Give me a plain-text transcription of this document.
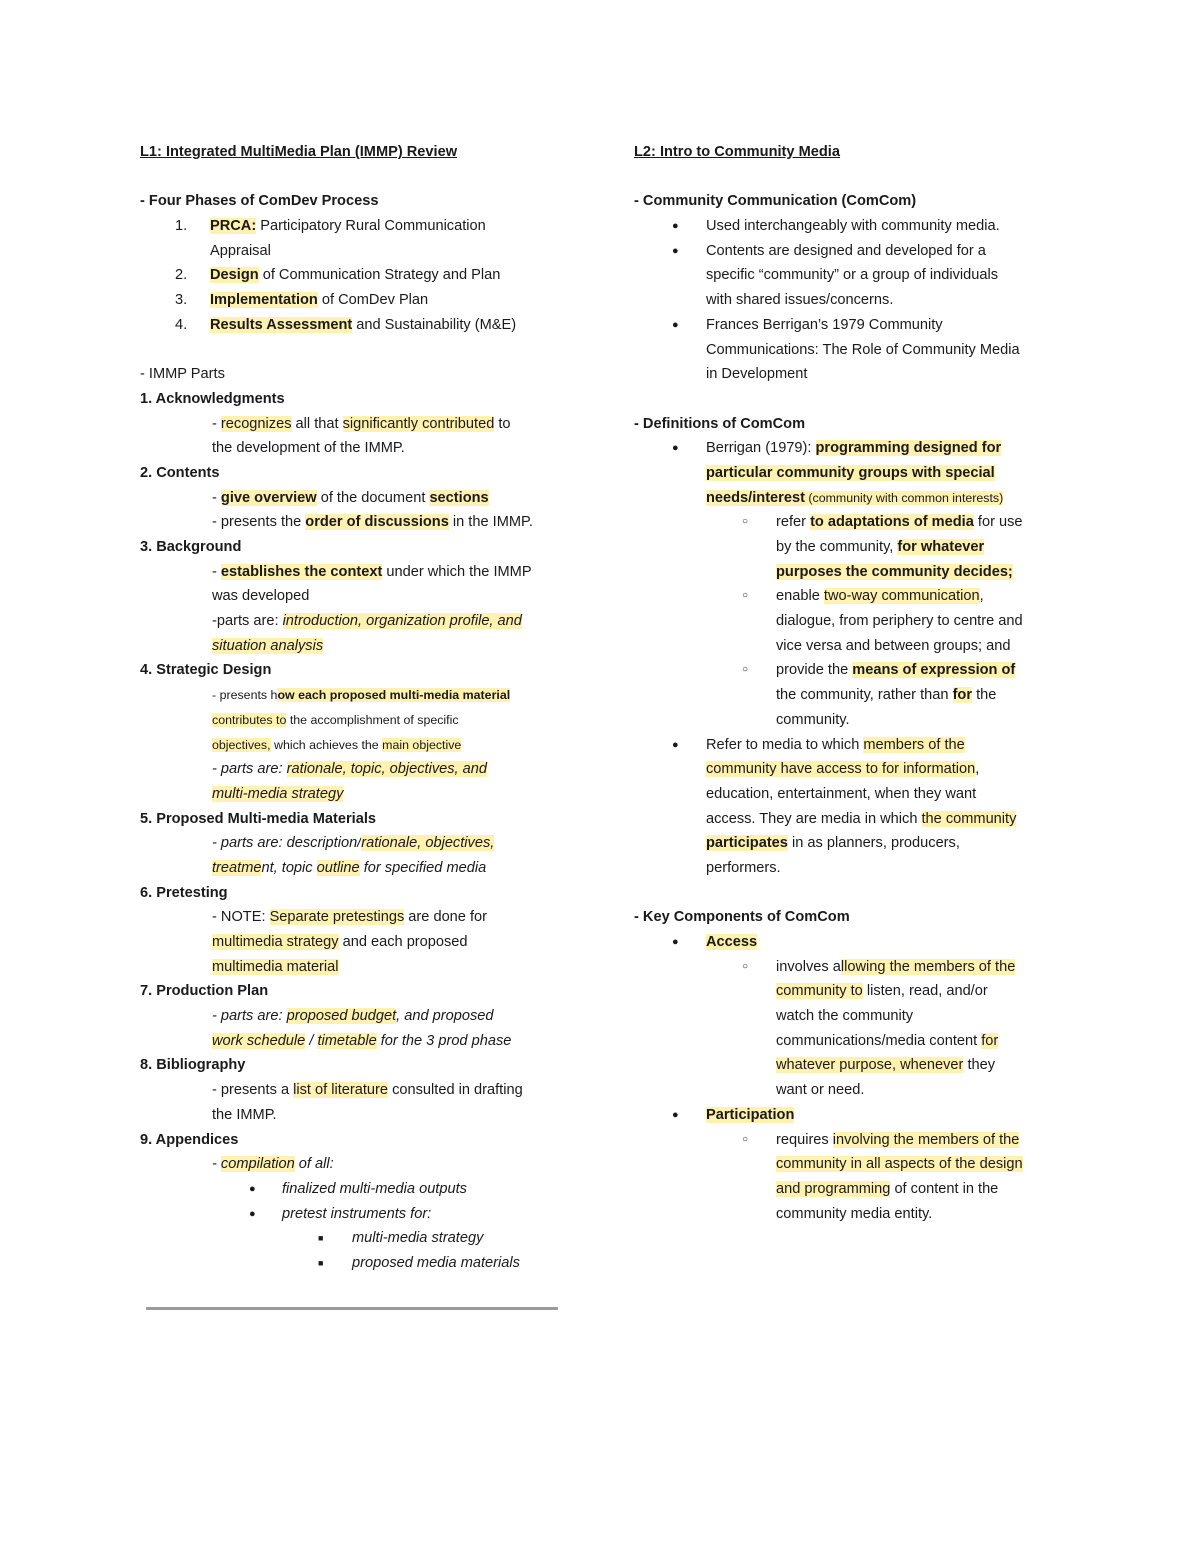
L1: Integrated MultiMedia Plan (IMMP) Review
- Four Phases of ComDev Process
1. PRCA: Participatory Rural Communication
Appraisal
2. Design of Communication Strategy and Plan
3. Implementation of ComDev Plan
4. Results Assessment and Sustainability (M&E)
- IMMP Parts
1. Acknowledgments
- recognizes all that significantly contributed to
the development of the IMMP.
2. Contents
- give overview of the document sections
- presents the order of discussions in the IMMP.
3. Background
- establishes the context under which the IMMP
was developed
-parts are: introduction, organization profile, and
situation analysis
4. Strategic Design
- presents how each proposed multi-media material
contributes to the accomplishment of specific
objectives, which achieves the main objective
- parts are: rationale, topic, objectives, and
multi-media strategy
5. Proposed Multi-media Materials
- parts are: description/rationale, objectives,
treatment, topic outline for specified media
6. Pretesting
- NOTE: Separate pretestings are done for
multimedia strategy and each proposed
multimedia material
7. Production Plan
- parts are: proposed budget, and proposed
work schedule / timetable for the 3 prod phase
8. Bibliography
- presents a list of literature consulted in drafting
the IMMP.
9. Appendices
- compilation of all:
● finalized multi-media outputs
● pretest instruments for:
■ multi-media strategy
■ proposed media materials
L2: Intro to Community Media
- Community Communication (ComCom)
● Used interchangeably with community media.
● Contents are designed and developed for a
specific “community” or a group of individuals
with shared issues/concerns.
● Frances Berrigan’s 1979 Community
Communications: The Role of Community Media
in Development
- Definitions of ComCom
● Berrigan (1979): programming designed for
particular community groups with special
needs/interest (community with common interests)
○ refer to adaptations of media for use
by the community, for whatever
purposes the community decides;
○ enable two-way communication,
dialogue, from periphery to centre and
vice versa and between groups; and
○ provide the means of expression of
the community, rather than for the
community.
● Refer to media to which members of the
community have access to for information,
education, entertainment, when they want
access. They are media in which the community
participates in as planners, producers,
performers.
- Key Components of ComCom
● Access
○ involves allowing the members of the
community to listen, read, and/or
watch the community
communications/media content for
whatever purpose, whenever they
want or need.
● Participation
○ requires involving the members of the
community in all aspects of the design
and programming of content in the
community media entity.
